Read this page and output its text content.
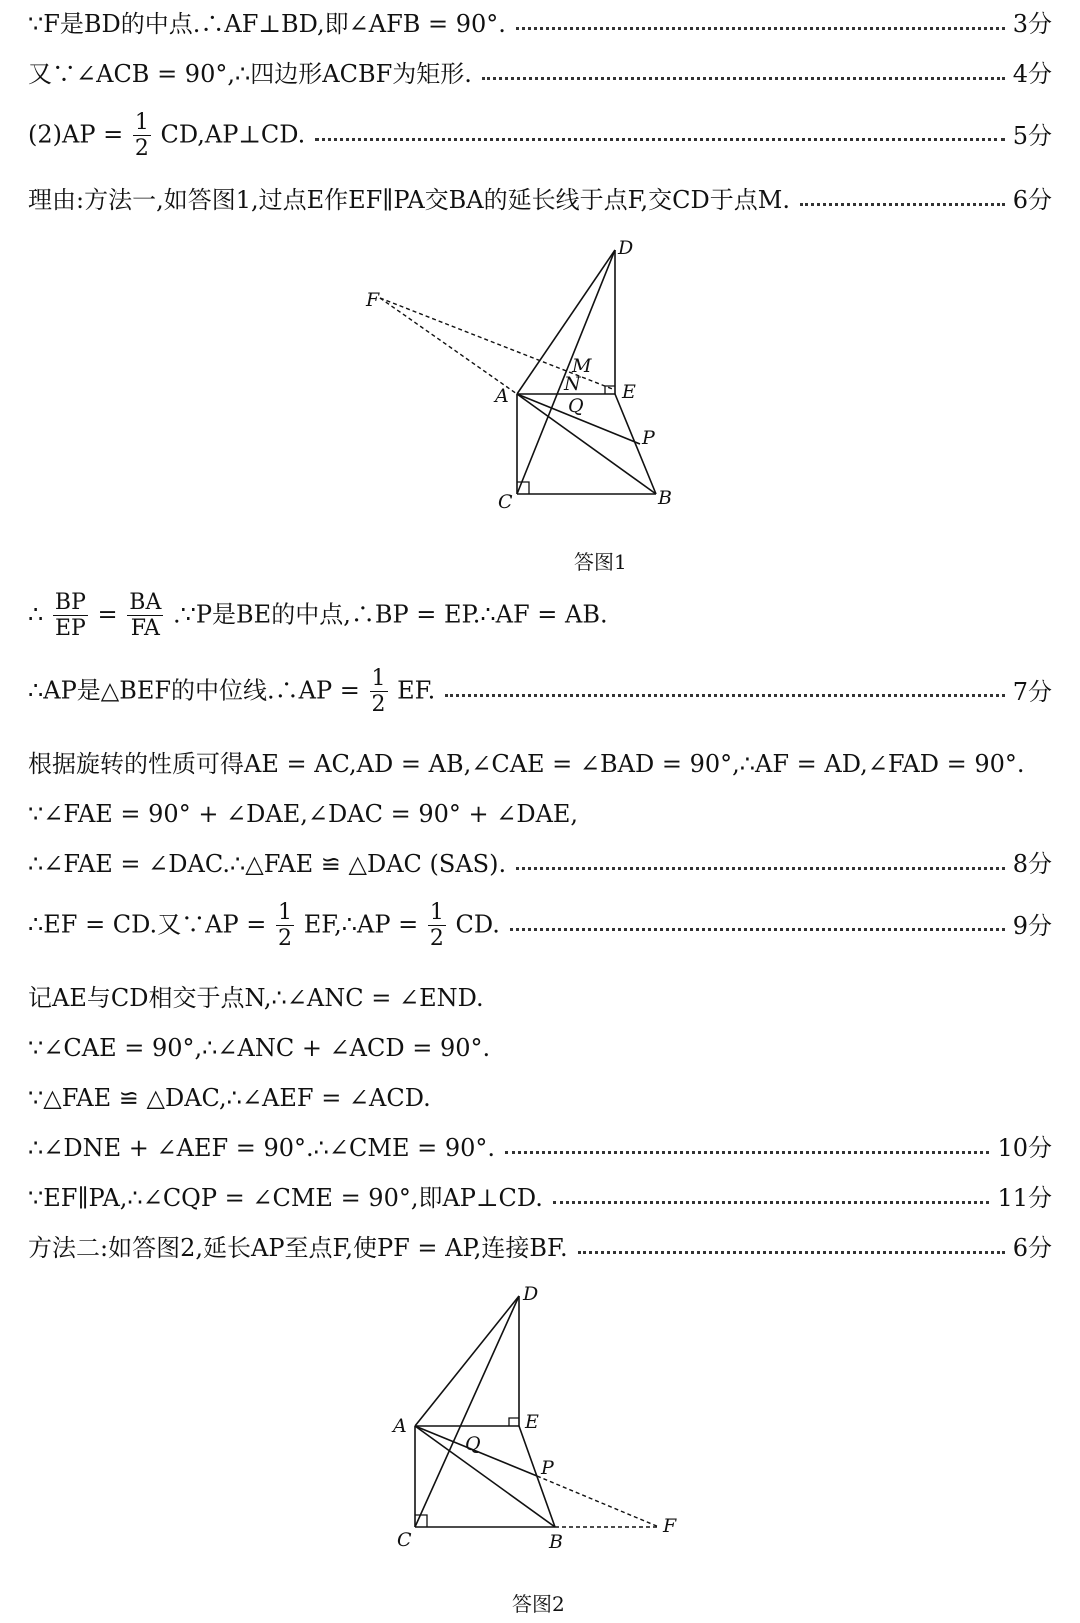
∵F是BD的中点.∴AF⊥BD,即∠AFB = 90°.	3分
又∵∠ACB = 90°,∴四边形ACBF为矩形.	4分
$(2)AP = \frac{1}{2}$ CD,AP⊥CD.	5分
理由:方法一,如答图1,过点E作EF∥PA交BA的延长线于点F,交CD于点M.	6分
D
F
M
N
A	E
Q
P
C	B
答图1
∴ $\frac{BP}{EP} = \frac{BA}{FA}$ .∵P是BE的中点,∴BP = EP.∴AF = AB.
∴AP是△BEF的中位线.∴AP = $\frac{1}{2}$ EF.	7分
根据旋转的性质可得AE = AC,AD = AB,∠CAE = ∠BAD = 90°,∴AF = AD,∠FAD = 90°.
∵∠FAE = 90° + ∠DAE,∠DAC = 90° + ∠DAE,
∴∠FAE = ∠DAC.∴△FAE ≌ △DAC (SAS).	8分
∴EF = CD.又∵AP = $\frac{1}{2}$ EF,∴AP = $\frac{1}{2}$ CD.	9分
记AE与CD相交于点N,∴∠ANC = ∠END.
∵∠CAE = 90°,∴∠ANC + ∠ACD = 90°.
∵△FAE ≌ △DAC,∴∠AEF = ∠ACD.
∴∠DNE + ∠AEF = 90°.∴∠CME = 90°.	10分
∵EF∥PA,∴∠CQP = ∠CME = 90°,即AP⊥CD.	11分
方法二:如答图2,延长AP至点F,使PF = AP,连接BF.	6分
D
A	E
Q
P
C	B
F
答图2
